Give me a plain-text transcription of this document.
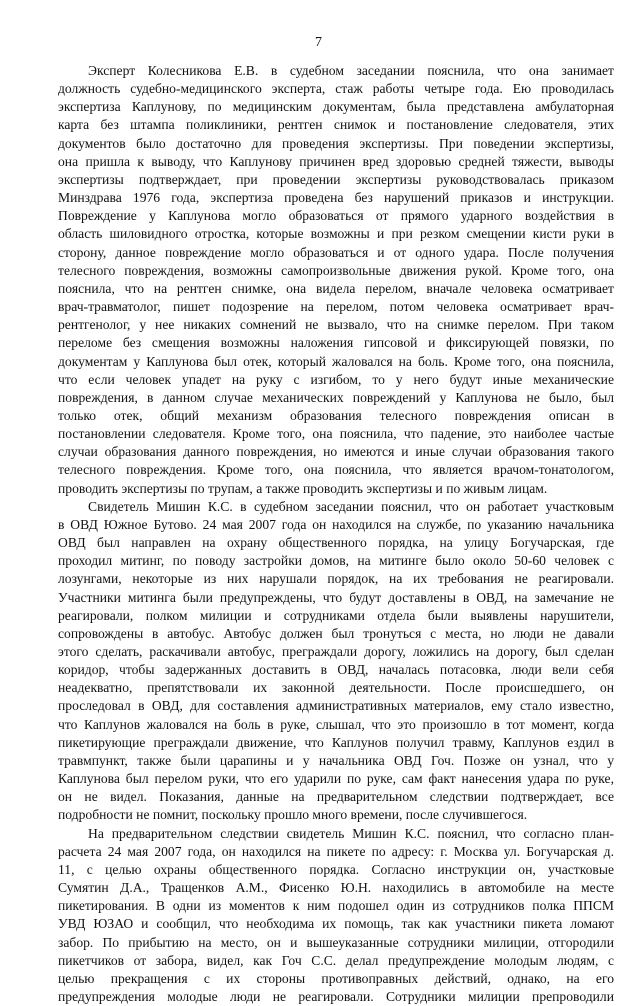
7
Эксперт Колесникова Е.В. в судебном заседании пояснила, что она занимает
должность судебно-медицинского эксперта, стаж работы четыре года. Ею проводилась
экспертиза Каплунову, по медицинским документам, была представлена амбулаторная
карта без штампа поликлиники, рентген снимок и постановление следователя, этих
документов было достаточно для проведения экспертизы. При поведении экспертизы,
она пришла к выводу, что Каплунову причинен вред здоровью средней тяжести, выводы
экспертизы подтверждает, при проведении экспертизы руководствовалась приказом
Минздрава 1976 года, экспертиза проведена без нарушений приказов и инструкции.
Повреждение у Каплунова могло образоваться от прямого ударного воздействия в
область шиловидного отростка, которые возможны и при резком смещении кисти руки в
сторону, данное повреждение могло образоваться и от одного удара. После получения
телесного повреждения, возможны самопроизвольные движения рукой. Кроме того, она
пояснила, что на рентген снимке, она видела перелом, вначале человека осматривает
врач-травматолог, пишет подозрение на перелом, потом человека осматривает врач-
рентгенолог, у нее никаких сомнений не вызвало, что на снимке перелом. При таком
переломе без смещения возможны наложения гипсовой и фиксирующей повязки, по
документам у Каплунова был отек, который жаловался на боль. Кроме того, она пояснила,
что если человек упадет на руку с изгибом, то у него будут иные механические
повреждения, в данном случае механических повреждений у Каплунова не было, был
только отек, общий механизм образования телесного повреждения описан в
постановлении следователя. Кроме того, она пояснила, что падение, это наиболее частые
случаи образования данного повреждения, но имеются и иные случаи образования такого
телесного повреждения. Кроме того, она пояснила, что является врачом-тонатологом,
проводить экспертизы по трупам, а также проводить экспертизы и по живым лицам.
Свидетель Мишин К.С. в судебном заседании пояснил, что он работает участковым
в ОВД Южное Бутово. 24 мая 2007 года он находился на службе, по указанию начальника
ОВД был направлен на охрану общественного порядка, на улицу Богучарская, где
проходил митинг, по поводу застройки домов, на митинге было около 50-60 человек с
лозунгами, некоторые из них нарушали порядок, на их требования не реагировали.
Участники митинга были предупреждены, что будут доставлены в ОВД, на замечание не
реагировали, полком милиции и сотрудниками отдела были выявлены нарушители,
сопровождены в автобус. Автобус должен был тронуться с места, но люди не давали
этого сделать, раскачивали автобус, преграждали дорогу, ложились на дорогу, был сделан
коридор, чтобы задержанных доставить в ОВД, началась потасовка, люди вели себя
неадекватно, препятствовали их законной деятельности. После происшедшего, он
проследовал в ОВД, для составления административных материалов, ему стало известно,
что Каплунов жаловался на боль в руке, слышал, что это произошло в тот момент, когда
пикетирующие преграждали движение, что Каплунов получил травму, Каплунов ездил в
травмпункт, также были царапины и у начальника ОВД Гоч. Позже он узнал, что у
Каплунова был перелом руки, что его ударили по руке, сам факт нанесения удара по руке,
он не видел. Показания, данные на предварительном следствии подтверждает, все
подробности не помнит, поскольку прошло много времени, после случившегося.
На предварительном следствии свидетель Мишин К.С. пояснил, что согласно план-
расчета 24 мая 2007 года, он находился на пикете по адресу: г. Москва ул. Богучарская д.
11, с целью охраны общественного порядка. Согласно инструкции он, участковые
Сумятин Д.А., Тращенков А.М., Фисенко Ю.Н. находились в автомобиле на месте
пикетирования. В одни из моментов к ним подошел один из сотрудников полка ППСМ
УВД ЮЗАО и сообщил, что необходима их помощь, так как участники пикета ломают
забор. По прибытию на место, он и вышеуказанные сотрудники милиции, отгородили
пикетчиков от забора, видел, как Гоч С.С. делал предупреждение молодым людям, с
целью прекращения с их стороны противоправных действий, однако, на его
предупреждения молодые люди не реагировали. Сотрудники милиции препроводили
